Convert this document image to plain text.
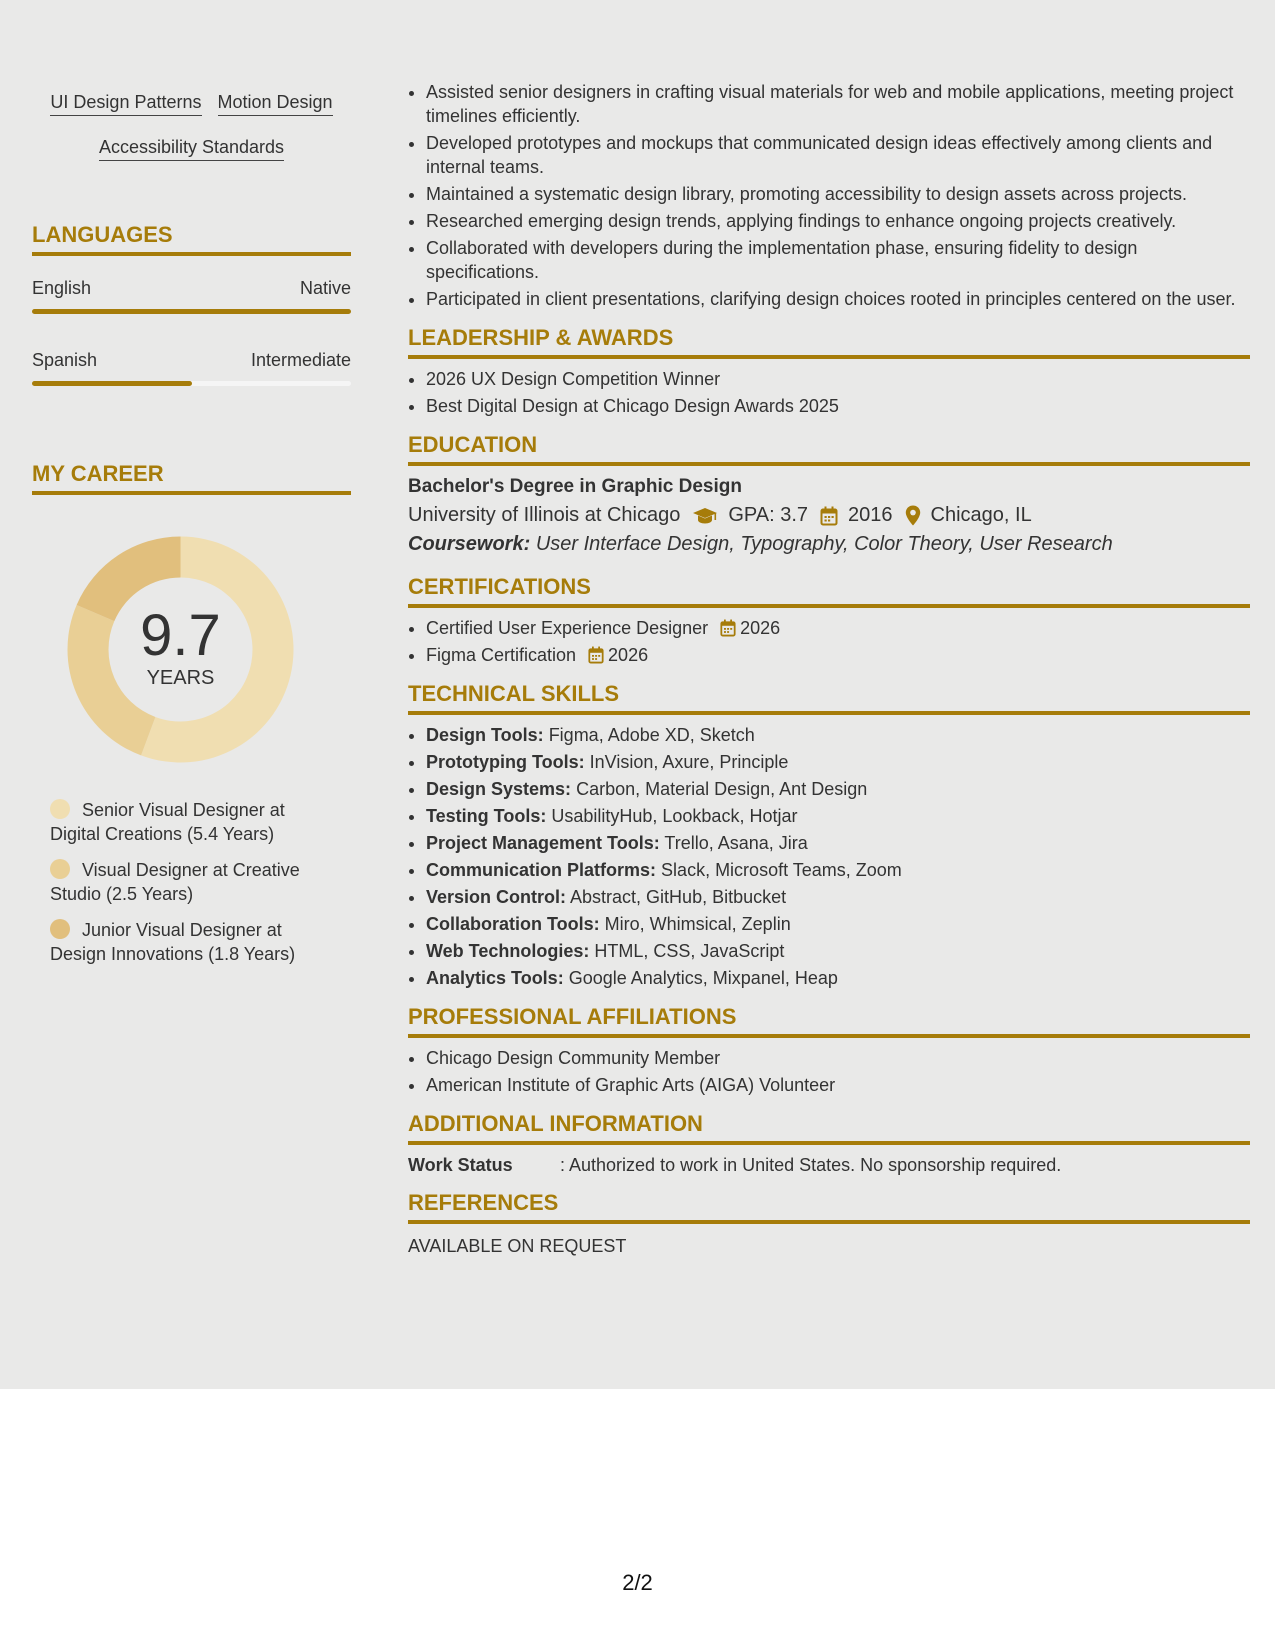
UI Design Patterns Motion Design
Accessibility Standards
LANGUAGES
English	Native
Spanish	Intermediate
MY CAREER
9.7
YEARS
Senior Visual Designer at Digital Creations (5.4 Years)
Visual Designer at Creative Studio (2.5 Years)
Junior Visual Designer at Design Innovations (1.8 Years)
• Assisted senior designers in crafting visual materials for web and mobile applications, meeting project timelines efficiently.
• Developed prototypes and mockups that communicated design ideas effectively among clients and internal teams.
• Maintained a systematic design library, promoting accessibility to design assets across projects.
• Researched emerging design trends, applying findings to enhance ongoing projects creatively.
• Collaborated with developers during the implementation phase, ensuring fidelity to design specifications.
• Participated in client presentations, clarifying design choices rooted in principles centered on the user.
LEADERSHIP & AWARDS
• 2026 UX Design Competition Winner
• Best Digital Design at Chicago Design Awards 2025
EDUCATION
Bachelor's Degree in Graphic Design
University of Illinois at Chicago GPA: 3.7 2016 Chicago, IL
Coursework: User Interface Design, Typography, Color Theory, User Research
CERTIFICATIONS
• Certified User Experience Designer 2026
• Figma Certification 2026
TECHNICAL SKILLS
• Design Tools: Figma, Adobe XD, Sketch
• Prototyping Tools: InVision, Axure, Principle
• Design Systems: Carbon, Material Design, Ant Design
• Testing Tools: UsabilityHub, Lookback, Hotjar
• Project Management Tools: Trello, Asana, Jira
• Communication Platforms: Slack, Microsoft Teams, Zoom
• Version Control: Abstract, GitHub, Bitbucket
• Collaboration Tools: Miro, Whimsical, Zeplin
• Web Technologies: HTML, CSS, JavaScript
• Analytics Tools: Google Analytics, Mixpanel, Heap
PROFESSIONAL AFFILIATIONS
• Chicago Design Community Member
• American Institute of Graphic Arts (AIGA) Volunteer
ADDITIONAL INFORMATION
Work Status	: Authorized to work in United States. No sponsorship required.
REFERENCES
AVAILABLE ON REQUEST
2/2
